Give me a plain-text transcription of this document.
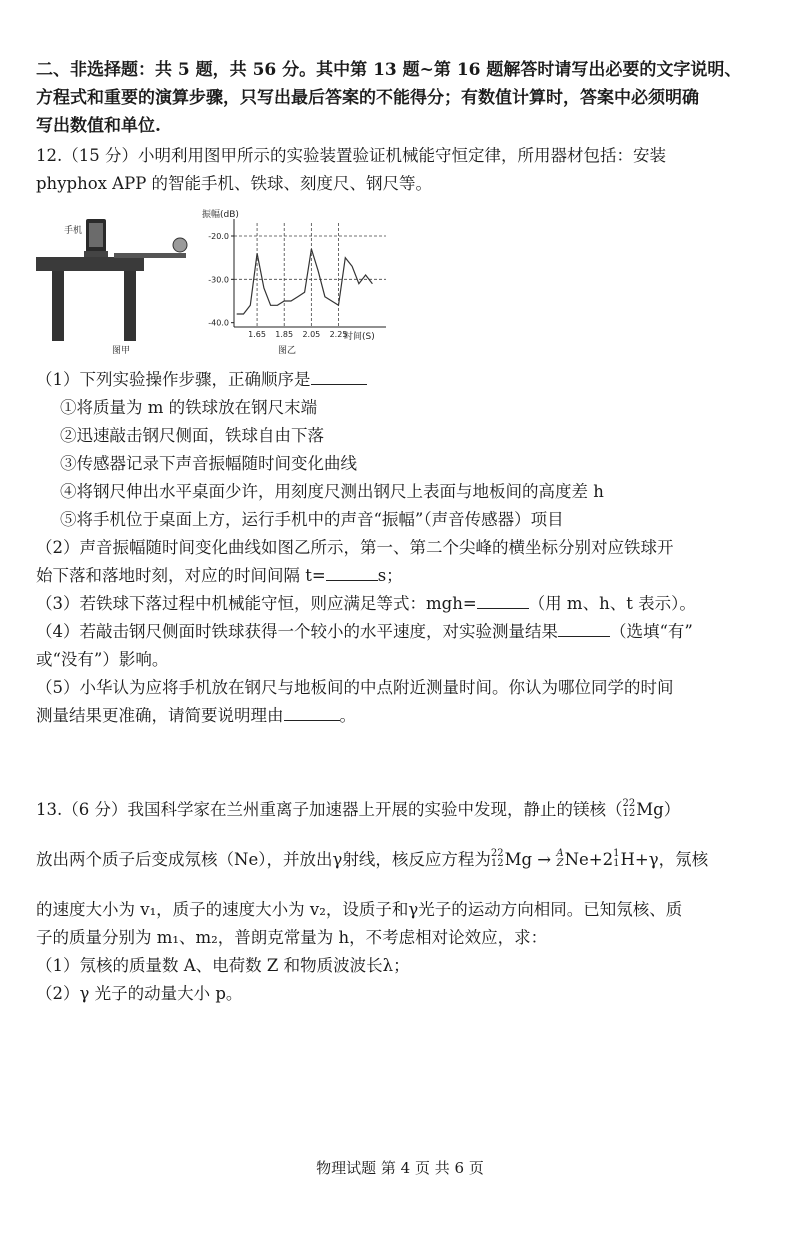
二、非选择题：共 5 题，共 56 分。其中第 13 题~第 16 题解答时请写出必要的文字说明、
方程式和重要的演算步骤，只写出最后答案的不能得分；有数值计算时，答案中必须明确
写出数值和单位.
12.（15 分）小明利用图甲所示的实验装置验证机械能守恒定律，所用器材包括：安装
phyphox APP 的智能手机、铁球、刻度尺、钢尺等。
手机
图甲
1.65 1.85 2.05 2.25
-20.0
-30.0
-40.0
振幅(dB)
时间(S)
图乙
（1）下列实验操作步骤，正确顺序是
①将质量为 m 的铁球放在钢尺末端
②迅速敲击钢尺侧面，铁球自由下落
③传感器记录下声音振幅随时间变化曲线
④将钢尺伸出水平桌面少许，用刻度尺测出钢尺上表面与地板间的高度差 h
⑤将手机位于桌面上方，运行手机中的声音“振幅”（声音传感器）项目
（2）声音振幅随时间变化曲线如图乙所示，第一、第二个尖峰的横坐标分别对应铁球开
始下落和落地时刻，对应的时间间隔 t=	s；
（3）若铁球下落过程中机械能守恒，则应满足等式：mgh=	（用 m、h、t 表示）。
（4）若敲击钢尺侧面时铁球获得一个较小的水平速度，对实验测量结果	（选填“有”
或“没有”）影响。
（5）小华认为应将手机放在钢尺与地板间的中点附近测量时间。你认为哪位同学的时间
测量结果更准确，请简要说明理由	。
13.（6 分）我国科学家在兰州重离子加速器上开展的实验中发现，静止的镁核（ 22
12 Mg）
放出两个质子后变成氖核（Ne），并放出γ射线，核反应方程为 22
12 Mg → A
Z Ne+2 1
1 H+γ，氖核
的速度大小为 v₁，质子的速度大小为 v₂，设质子和γ光子的运动方向相同。已知氖核、质
子的质量分别为 m₁、m₂，普朗克常量为 h，不考虑相对论效应，求：
（1）氖核的质量数 A、电荷数 Z 和物质波波长λ；
（2）γ 光子的动量大小 p。
物理试题 第 4 页 共 6 页
